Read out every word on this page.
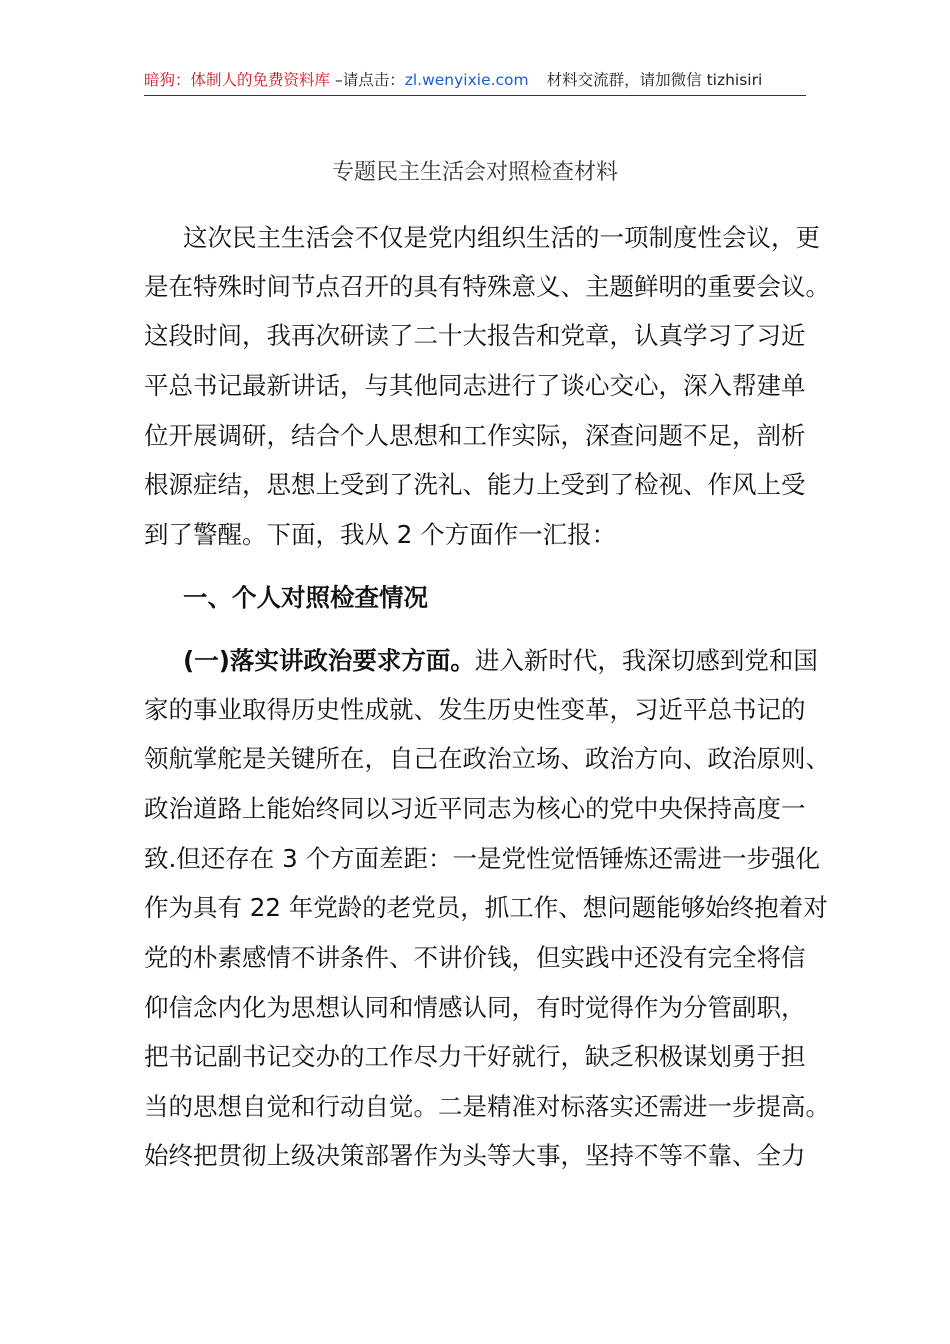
暗狗：体制人的免费资料库 –请点击：zl.wenyixie.com 材料交流群，请加微信 tizhisiri
专题民主生活会对照检查材料
这次民主生活会不仅是党内组织生活的一项制度性会议，更
是在特殊时间节点召开的具有特殊意义、主题鲜明的重要会议。
这段时间，我再次研读了二十大报告和党章，认真学习了习近
平总书记最新讲话，与其他同志进行了谈心交心，深入帮建单
位开展调研，结合个人思想和工作实际，深查问题不足，剖析
根源症结，思想上受到了洗礼、能力上受到了检视、作风上受
到了警醒。下面，我从 2 个方面作一汇报：
一、个人对照检查情况
(一)落实讲政治要求方面。进入新时代，我深切感到党和国
家的事业取得历史性成就、发生历史性变革，习近平总书记的
领航掌舵是关键所在，自己在政治立场、政治方向、政治原则、
政治道路上能始终同以习近平同志为核心的党中央保持高度一
致.但还存在 3 个方面差距：一是党性觉悟锤炼还需进一步强化
作为具有 22 年党龄的老党员，抓工作、想问题能够始终抱着对
党的朴素感情不讲条件、不讲价钱，但实践中还没有完全将信
仰信念内化为思想认同和情感认同，有时觉得作为分管副职，
把书记副书记交办的工作尽力干好就行，缺乏积极谋划勇于担
当的思想自觉和行动自觉。二是精准对标落实还需进一步提高。
始终把贯彻上级决策部署作为头等大事，坚持不等不靠、全力
